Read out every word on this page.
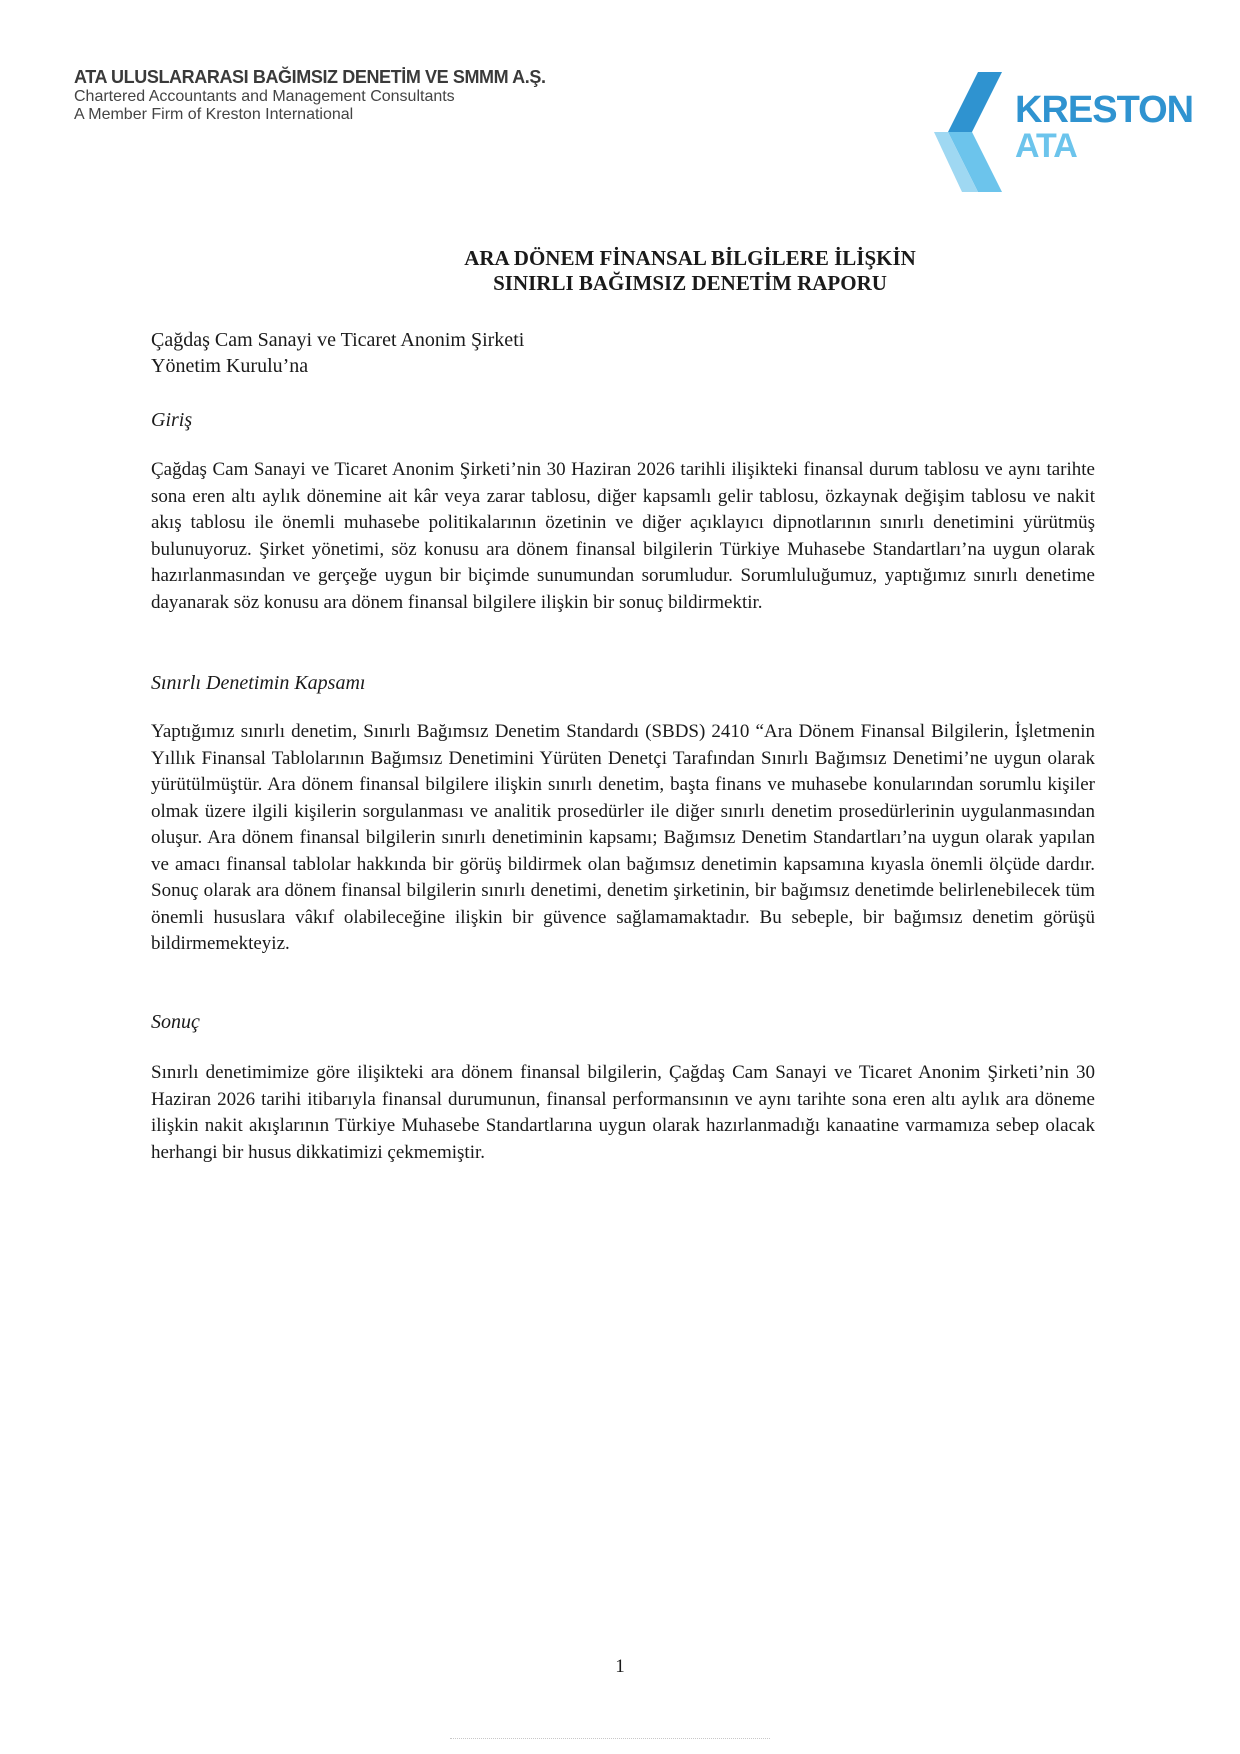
ATA ULUSLARARASI BAĞIMSIZ DENETİM VE SMMM A.Ş.
Chartered Accountants and Management Consultants
A Member Firm of Kreston International	KRESTON
ATA
ARA DÖNEM FİNANSAL BİLGİLERE İLİŞKİN
SINIRLI BAĞIMSIZ DENETİM RAPORU
Çağdaş Cam Sanayi ve Ticaret Anonim Şirketi
Yönetim Kurulu’na
Giriş
Çağdaş Cam Sanayi ve Ticaret Anonim Şirketi’nin 30 Haziran 2026 tarihli ilişikteki finansal durum tablosu ve aynı tarihte sona eren altı aylık dönemine ait kâr veya zarar tablosu, diğer kapsamlı gelir tablosu, özkaynak değişim tablosu ve nakit akış tablosu ile önemli muhasebe politikalarının özetinin ve diğer açıklayıcı dipnotlarının sınırlı denetimini yürütmüş bulunuyoruz. Şirket yönetimi, söz konusu ara dönem finansal bilgilerin Türkiye Muhasebe Standartları’na uygun olarak hazırlanmasından ve gerçeğe uygun bir biçimde sunumundan sorumludur. Sorumluluğumuz, yaptığımız sınırlı denetime dayanarak söz konusu ara dönem finansal bilgilere ilişkin bir sonuç bildirmektir.
Sınırlı Denetimin Kapsamı
Yaptığımız sınırlı denetim, Sınırlı Bağımsız Denetim Standardı (SBDS) 2410 “Ara Dönem Finansal Bilgilerin, İşletmenin Yıllık Finansal Tablolarının Bağımsız Denetimini Yürüten Denetçi Tarafından Sınırlı Bağımsız Denetimi’ne uygun olarak yürütülmüştür. Ara dönem finansal bilgilere ilişkin sınırlı denetim, başta finans ve muhasebe konularından sorumlu kişiler olmak üzere ilgili kişilerin sorgulanması ve analitik prosedürler ile diğer sınırlı denetim prosedürlerinin uygulanmasından oluşur. Ara dönem finansal bilgilerin sınırlı denetiminin kapsamı; Bağımsız Denetim Standartları’na uygun olarak yapılan ve amacı finansal tablolar hakkında bir görüş bildirmek olan bağımsız denetimin kapsamına kıyasla önemli ölçüde dardır. Sonuç olarak ara dönem finansal bilgilerin sınırlı denetimi, denetim şirketinin, bir bağımsız denetimde belirlenebilecek tüm önemli hususlara vâkıf olabileceğine ilişkin bir güvence sağlamamaktadır. Bu sebeple, bir bağımsız denetim görüşü bildirmemekteyiz.
Sonuç
Sınırlı denetimimize göre ilişikteki ara dönem finansal bilgilerin, Çağdaş Cam Sanayi ve Ticaret Anonim Şirketi’nin 30 Haziran 2026 tarihi itibarıyla finansal durumunun, finansal performansının ve aynı tarihte sona eren altı aylık ara döneme ilişkin nakit akışlarının Türkiye Muhasebe Standartlarına uygun olarak hazırlanmadığı kanaatine varmamıza sebep olacak herhangi bir husus dikkatimizi çekmemiştir.
1
